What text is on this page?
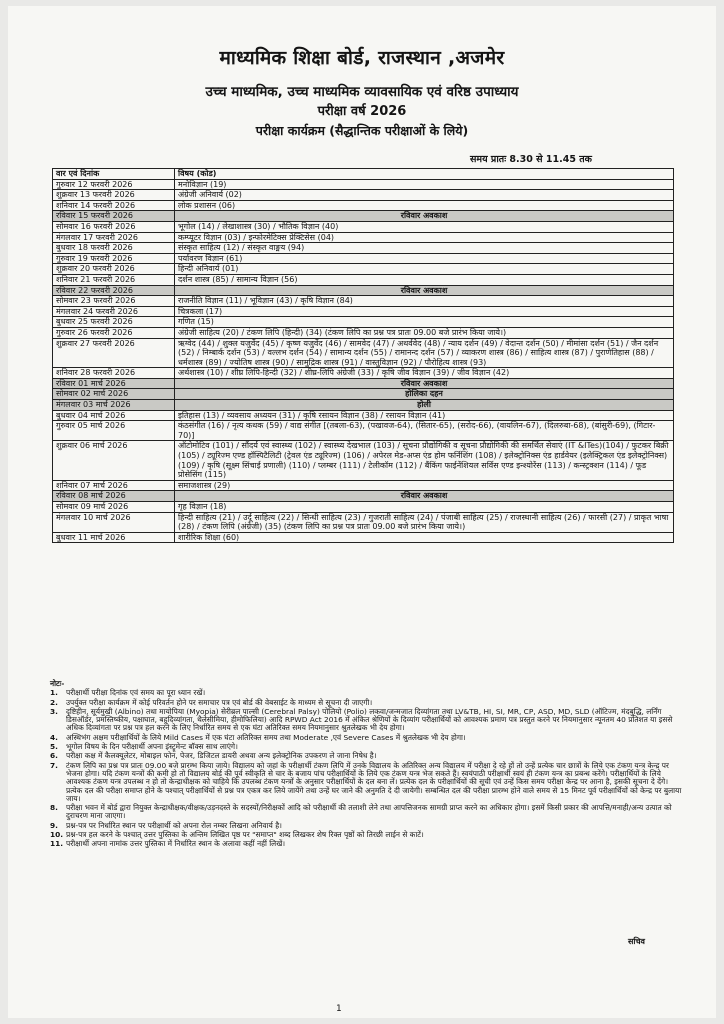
माध्यमिक शिक्षा बोर्ड, राजस्थान ,अजमेर
उच्च माध्यमिक, उच्च माध्यमिक व्यावसायिक एवं वरिष्ठ उपाध्याय
परीक्षा वर्ष 2026
परीक्षा कार्यक्रम (सैद्धान्तिक परीक्षाओं के लिये)
समय प्रातः 8.30 से 11.45 तक
वार एवं दिनांक	विषय (कोड)
गुरुवार 12 फरवरी 2026	मनोविज्ञान (19)
शुक्रवार 13 फरवरी 2026	अंग्रेजी अनिवार्य (02)
शनिवार 14 फरवरी 2026	लोक प्रशासन (06)
रविवार 15 फरवरी 2026	रविवार अवकाश
सोमवार 16 फरवरी 2026	भूगोल (14) / लेखाशास्त्र (30) / भौतिक विज्ञान (40)
मंगलवार 17 फरवरी 2026	कम्प्यूटर विज्ञान (03) / इन्फोरमेटिक्स प्रेक्टिसेस (04)
बुधवार 18 फरवरी 2026	संस्कृत साहित्य (12) / संस्कृत वाङ्मय (94)
गुरुवार 19 फरवरी 2026	पर्यावरण विज्ञान (61)
शुक्रवार 20 फरवरी 2026	हिन्दी अनिवार्य (01)
शनिवार 21 फरवरी 2026	दर्शन शास्त्र (85) / सामान्य विज्ञान (56)
रविवार 22 फरवरी 2026	रविवार अवकाश
सोमवार 23 फरवरी 2026	राजनीति विज्ञान (11) / भूविज्ञान (43) / कृषि विज्ञान (84)
मंगलवार 24 फरवरी 2026	चित्रकला (17)
बुधवार 25 फरवरी 2026	गणित (15)
गुरुवार 26 फरवरी 2026	अंग्रेजी साहित्य (20) / टंकण लिपि (हिन्दी) (34) (टंकण लिपि का प्रश्न पत्र प्रातः 09.00 बजे प्रारंभ किया जाये।)
शुक्रवार 27 फरवरी 2026	ऋग्वेद (44) / शुक्ल यजुर्वेद (45) / कृष्ण यजुर्वेद (46) / सामवेद (47) / अथर्ववेद (48) / न्याय दर्शन (49) / वेदान्त दर्शन (50) / मीमांसा दर्शन (51) / जैन दर्शन (52) / निम्बार्क दर्शन (53) / वल्लभ दर्शन (54) / सामान्य दर्शन (55) / रामानन्द दर्शन (57) / व्याकरण शास्त्र (86) / साहित्य शास्त्र (87) / पुराणेतिहास (88) / धर्मशास्त्र (89) / ज्योतिष शास्त्र (90) / सामुद्रिक शास्त्र (91) / वास्तुविज्ञान (92) / पौरोहित्य शास्त्र (93)
शनिवार 28 फरवरी 2026	अर्थशास्त्र (10) / शीघ्र लिपि-हिन्दी (32) / शीघ्र-लिपि अंग्रेजी (33) / कृषि जीव विज्ञान (39) / जीव विज्ञान (42)
रविवार 01 मार्च 2026	रविवार अवकाश
सोमवार 02 मार्च 2026	होलिका दहन
मंगलवार 03 मार्च 2026	होली
बुधवार 04 मार्च 2026	इतिहास (13) / व्यवसाय अध्ययन (31) / कृषि रसायन विज्ञान (38) / रसायन विज्ञान (41)
गुरुवार 05 मार्च 2026	कंठसंगीत (16) / नृत्य कथक (59) / वाद्य संगीत [(तबला-63), (पखावज-64), (सितार-65), (सरोद-66), (वायलिन-67), (दिलरुबा-68), (बांसुरी-69), (गिटार- 70)]
शुक्रवार 06 मार्च 2026	ऑटोमोटिव (101) / सौंदर्य एवं स्वास्थ्य (102) / स्वास्थ्य देखभाल (103) / सूचना प्रौद्योगिकी व सूचना प्रौद्योगिकी की समर्थित सेवाएं (IT &ITes)(104) / फुटकर बिक्री (105) / ट्यूरिज्म एण्ड हॉस्पिटैलिटी (ट्रेवल एंड ट्यूरिज्म) (106) / अपेरल मेड-अप्स एंड होम फर्निशिंग (108) / इलेक्ट्रोनिक्स एंड हार्डवेयर (इलेक्ट्रिकल एंड इलेक्ट्रोनिक्स) (109) / कृषि (सूक्ष्म सिंचाई प्रणाली) (110) / प्लम्बर (111) / टेलीकॉम (112) / बैंकिंग फाईनेंशियल सर्विस एण्ड इन्श्योरेंस (113) / कन्स्ट्रक्शन (114) / फूड प्रोसेसिंग (115)
शनिवार 07 मार्च 2026	समाजशास्त्र (29)
रविवार 08 मार्च 2026	रविवार अवकाश
सोमवार 09 मार्च 2026	गृह विज्ञान (18)
मंगलवार 10 मार्च 2026	हिन्दी साहित्य (21) / उर्दू साहित्य (22) / सिन्धी साहित्य (23) / गुजराती साहित्य (24) / पंजाबी साहित्य (25) / राजस्थानी साहित्य (26) / फारसी (27) / प्राकृत भाषा (28) / टंकण लिपि (अंग्रेजी) (35) (टंकण लिपि का प्रश्न पत्र प्रातः 09.00 बजे प्रारंभ किया जाये।)
बुधवार 11 मार्च 2026	शारीरिक शिक्षा (60)
नोटः-
1.	परीक्षार्थी परीक्षा दिनांक एवं समय का पूरा ध्यान रखें।
2.	उपर्युक्त परीक्षा कार्यक्रम में कोई परिवर्तन होने पर समाचार पत्र एवं बोर्ड की वेबसाईट के माध्यम से सूचना दी जाएगी।
3.	दृष्टिहीन, सूर्यमुखी (Albino) तथा मायोपिया (Myopia) सेरीब्रल पाल्सी (Cerebral Palsy) पोलियो (Polio) लकवा/जन्मजात दिव्यांगता तथा LV&TB, HI, SI, MR, CP, ASD, MD, SLD (ऑटिज्म, मंदबुद्धि, लर्निंग डिसऑर्डर, प्रमस्तिष्कीय, पक्षाघात, बहुदिव्यांगता, थैलेसीमिया, हीमोफिलिया) आदि RPWD Act 2016 में अंकित श्रेणियों के दिव्यांग परीक्षार्थियों को आवश्यक प्रमाण पत्र प्रस्तुत करने पर नियमानुसार न्यूनतम 40 प्रतिशत या इससे अधिक दिव्यांगता पर प्रश्न पत्र हल करने के लिए निर्धारित समय से एक घंटा अतिरिक्त समय नियमानुसार श्रुतलेखक भी देय होगा।
4.	अस्थिभंग अक्षम परीक्षार्थियों के लिये Mild Cases में एक घंटा अतिरिक्त समय तथा Moderate ,एवं Severe Cases में श्रुतलेखक भी देय होगा।
5.	भूगोल विषय के दिन परीक्षार्थी अपना इंस्ट्रूमेन्ट बॉक्स साथ लाएंगे।
6.	परीक्षा कक्ष में कैलक्यूलेटर, मोबाइल फोन, पेजर, डिजिटल डायरी अथवा अन्य इलेक्ट्रोनिक उपकरण ले जाना निषेध है।
7.	टंकण लिपि का प्रश्न पत्र प्रातः 09.00 बजे प्रारम्भ किया जाये। विद्यालय को जहां के परीक्षार्थी टंकण लिपि में उनके विद्यालय के अतिरिक्त अन्य विद्यालय में परीक्षा दे रहे हों तो उन्हें प्रत्येक चार छात्रों के लिये एक टंकण यन्त्र केन्द्र पर भेजना होगा। यदि टंकण यन्त्रों की कमी हो तो विद्यालय बोर्ड की पूर्व स्वीकृति से चार के बजाय पांच परीक्षार्थियों के लिये एक टंकण यन्त्र भेज सकते हैं। स्वयंपाठी परीक्षार्थी स्वयं ही टंकण यन्त्र का प्रबन्ध करेंगे। परीक्षार्थियों के लिये आवश्यक टंकण यन्त्र उपलब्ध न हो तो केन्द्राधीक्षक को चाहिये कि उपलब्ध टंकण यन्त्रों के अनुसार परीक्षार्थियों के दल बना लें। प्रत्येक दल के परीक्षार्थियों की सूची एवं उन्हें किस समय परीक्षा केन्द्र पर आना है, इसकी सूचना दे देंगे। प्रत्येक दल की परीक्षा समाप्त होने के पश्चात् परीक्षार्थियों से प्रश्न पत्र एकत्र कर लिये जायेंगे तथा उन्हें घर जाने की अनुमति दे दी जायेगी। सम्बन्धित दल की परीक्षा प्रारम्भ होने वाले समय से 15 मिनट पूर्व परीक्षार्थियों को केन्द्र पर बुलाया जाय।
8.	परीक्षा भवन में बोर्ड द्वारा नियुक्त केन्द्राधीक्षक/वीक्षक/उड़नदस्ते के सदस्यों/निरीक्षकों आदि को परीक्षार्थी की तलाशी लेने तथा आपत्तिजनक सामग्री प्राप्त करने का अधिकार होगा। इसमें किसी प्रकार की आपत्ति/मनाही/अन्य उत्पात को दुराचरण माना जाएगा।
9.	प्रश्न-पत्र पर निर्धारित स्थान पर परीक्षार्थी को अपना रोल नम्बर लिखना अनिवार्य है।
10. प्रश्न-पत्र हल करने के पश्चात् उत्तर पुस्तिका के अन्तिम लिखित पृष्ठ पर "समाप्त" शब्द लिखकर शेष रिक्त पृष्ठों को तिरछी लाईन से काटें।
11. परीक्षार्थी अपना नामांक उत्तर पुस्तिका में निर्धारित स्थान के अलावा कहीं नहीं लिखें।
सचिव
1
